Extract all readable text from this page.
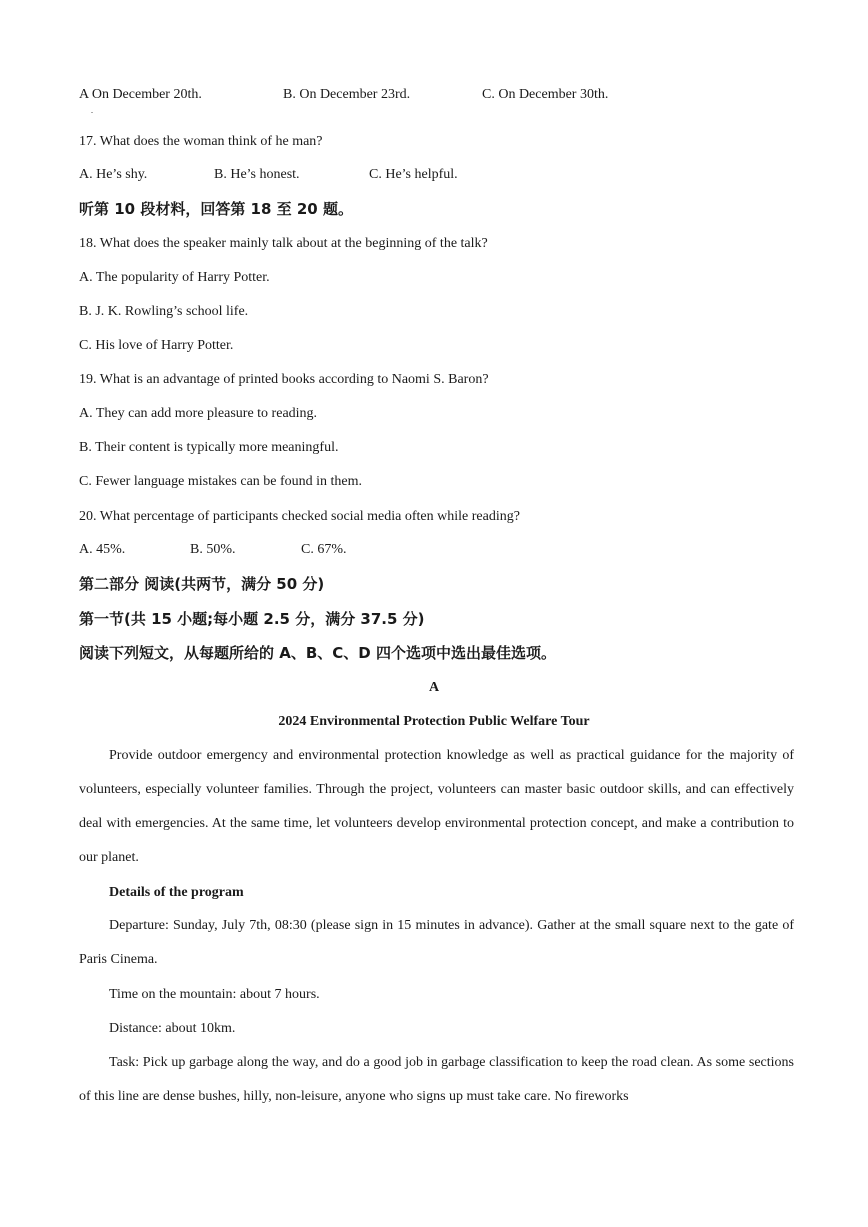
A On December 20th.
.
B. On December 23rd.	C. On December 30th.
17. What does the woman think of he man?
A. He’s shy.	B. He’s honest.	C. He’s helpful.
听第 10 段材料，回答第 18 至 20 题。
18. What does the speaker mainly talk about at the beginning of the talk?
A. The popularity of Harry Potter.
B. J. K. Rowling’s school life.
C. His love of Harry Potter.
19. What is an advantage of printed books according to Naomi S. Baron?
A. They can add more pleasure to reading.
B. Their content is typically more meaningful.
C. Fewer language mistakes can be found in them.
20. What percentage of participants checked social media often while reading?
A. 45%.	B. 50%.	C. 67%.
第二部分 阅读(共两节，满分 50 分)
第一节(共 15 小题;每小题 2.5 分，满分 37.5 分)
阅读下列短文，从每题所给的 A、B、C、D 四个选项中选出最佳选项。
A
2024 Environmental Protection Public Welfare Tour
Provide outdoor emergency and environmental protection knowledge as well as practical guidance for the majority of volunteers, especially volunteer families. Through the project, volunteers can master basic outdoor skills, and can effectively deal with emergencies. At the same time, let volunteers develop environmental protection concept, and make a contribution to our planet.
Details of the program
Departure: Sunday, July 7th, 08:30 (please sign in 15 minutes in advance). Gather at the small square next to the gate of Paris Cinema.
Time on the mountain: about 7 hours.
Distance: about 10km.
Task: Pick up garbage along the way, and do a good job in garbage classification to keep the road clean. As some sections of this line are dense bushes, hilly, non-leisure, anyone who signs up must take care. No fireworks
